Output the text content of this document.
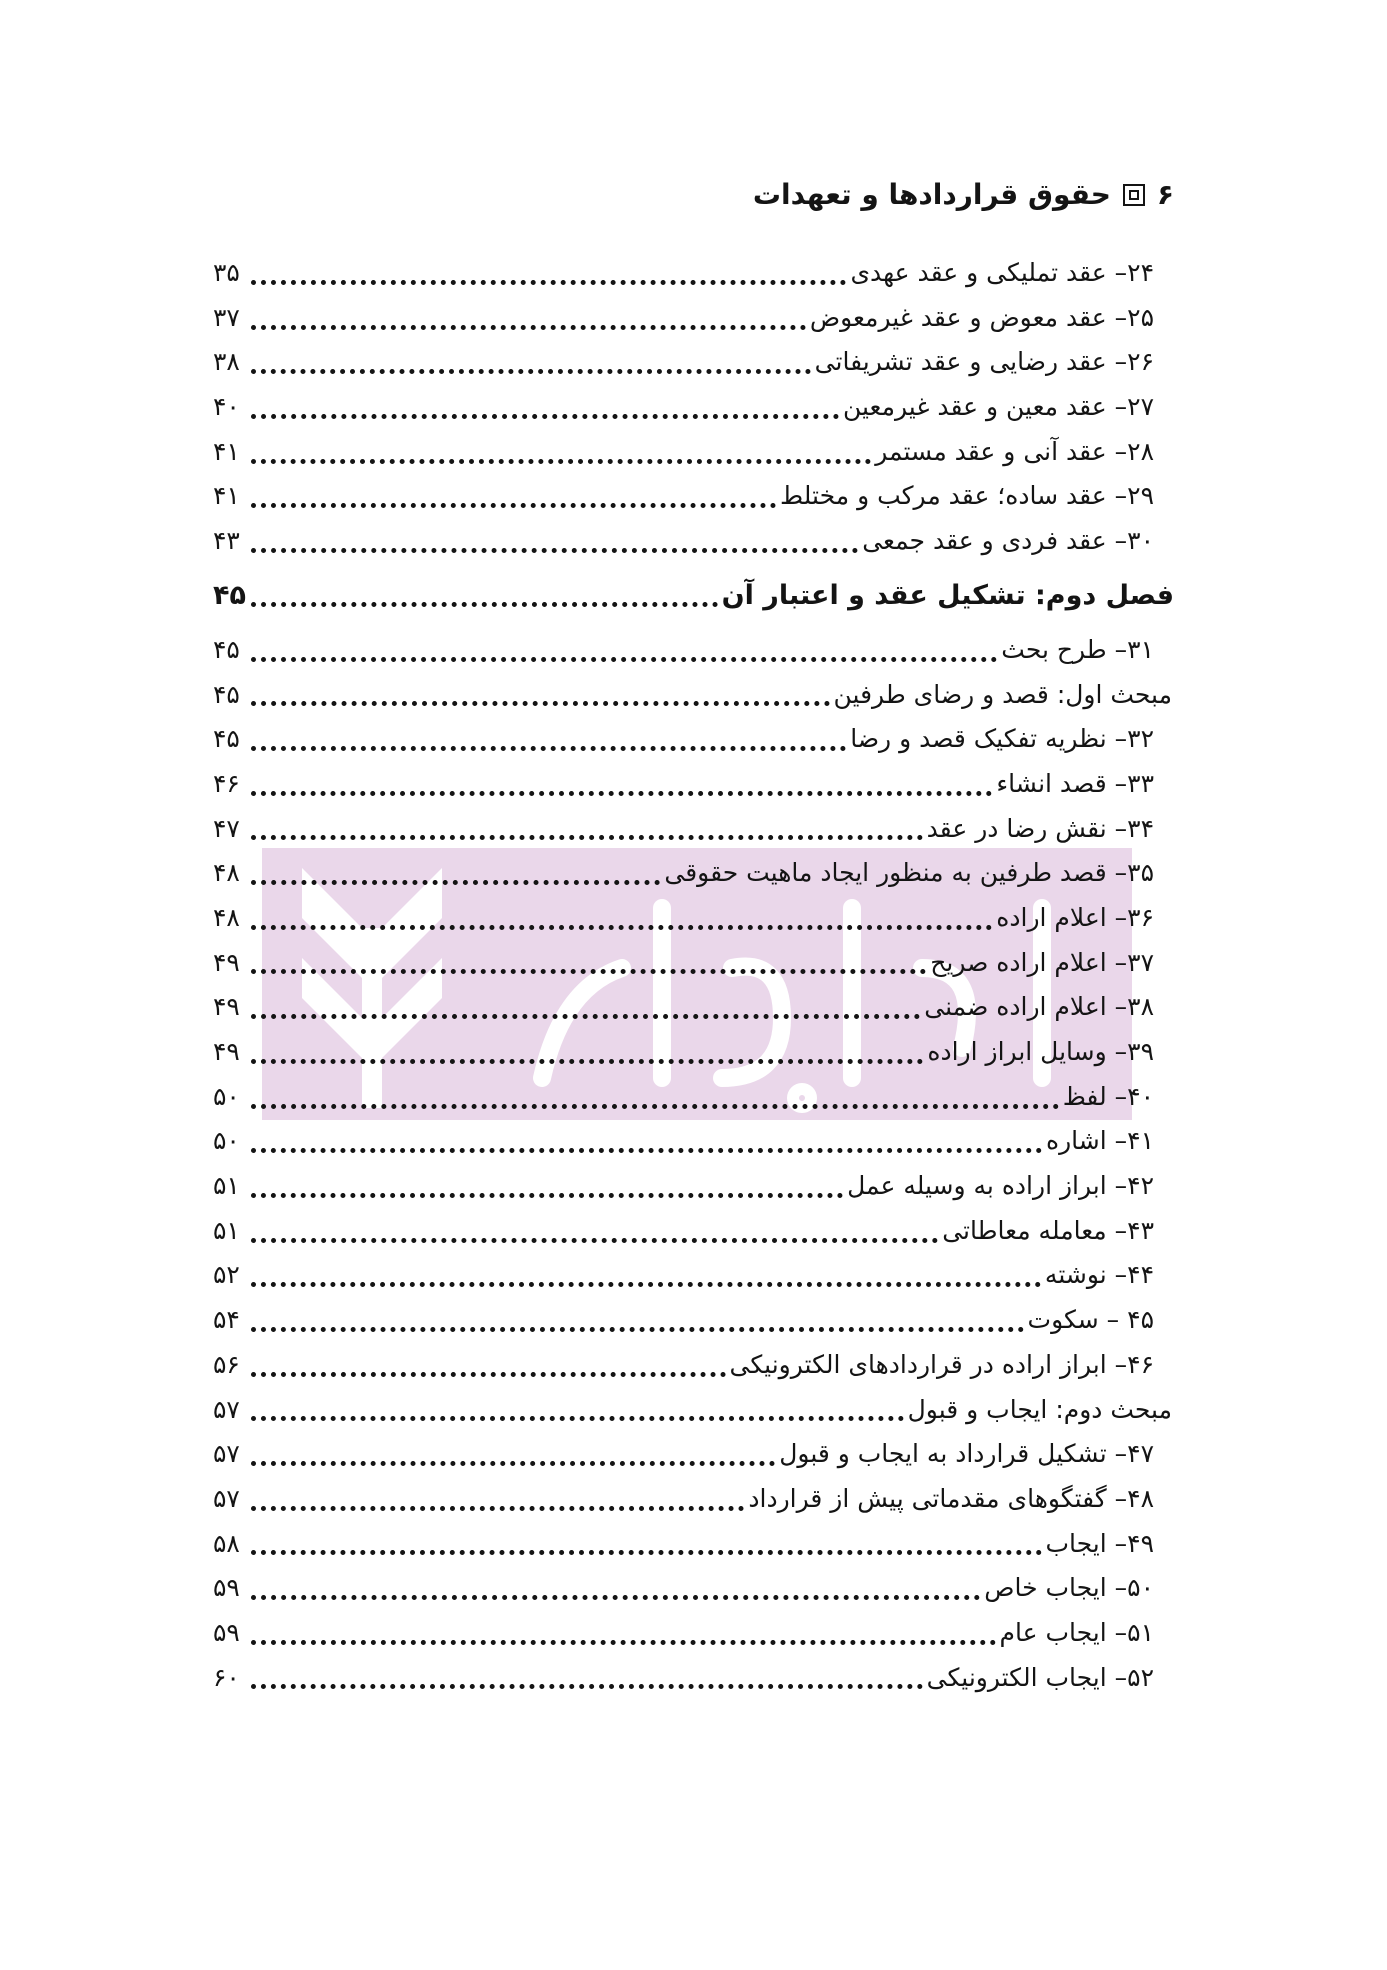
۶
حقوق قراردادها و تعهدات
۲۴– عقد تملیکی و عقد عهدی
۳۵
۲۵– عقد معوض و عقد غیرمعوض
۳۷
۲۶– عقد رضایی و عقد تشریفاتی
۳۸
۲۷– عقد معین و عقد غیرمعین
۴۰
۲۸– عقد آنی و عقد مستمر
۴۱
۲۹– عقد ساده؛ عقد مرکب و مختلط
۴۱
۳۰– عقد فردی و عقد جمعی
۴۳
فصل دوم: تشکیل عقد و اعتبار آن
۴۵
۳۱– طرح بحث
۴۵
مبحث اول: قصد و رضای طرفین
۴۵
۳۲– نظریه تفکیک قصد و رضا
۴۵
۳۳– قصد انشاء
۴۶
۳۴– نقش رضا در عقد
۴۷
۳۵– قصد طرفین به منظور ایجاد ماهیت حقوقی
۴۸
۳۶– اعلام اراده
۴۸
۳۷– اعلام اراده صریح
۴۹
۳۸– اعلام اراده ضمنی
۴۹
۳۹– وسایل ابراز اراده
۴۹
۴۰– لفظ
۵۰
۴۱– اشاره
۵۰
۴۲– ابراز اراده به وسیله عمل
۵۱
۴۳– معامله معاطاتی
۵۱
۴۴– نوشته
۵۲
۴۵ – سکوت
۵۴
۴۶– ابراز اراده در قراردادهای الکترونیکی
۵۶
مبحث دوم: ایجاب و قبول
۵۷
۴۷– تشکیل قرارداد به ایجاب و قبول
۵۷
۴۸– گفتگوهای مقدماتی پیش از قرارداد
۵۷
۴۹– ایجاب
۵۸
۵۰– ایجاب خاص
۵۹
۵۱– ایجاب عام
۵۹
۵۲– ایجاب الکترونیکی
۶۰
